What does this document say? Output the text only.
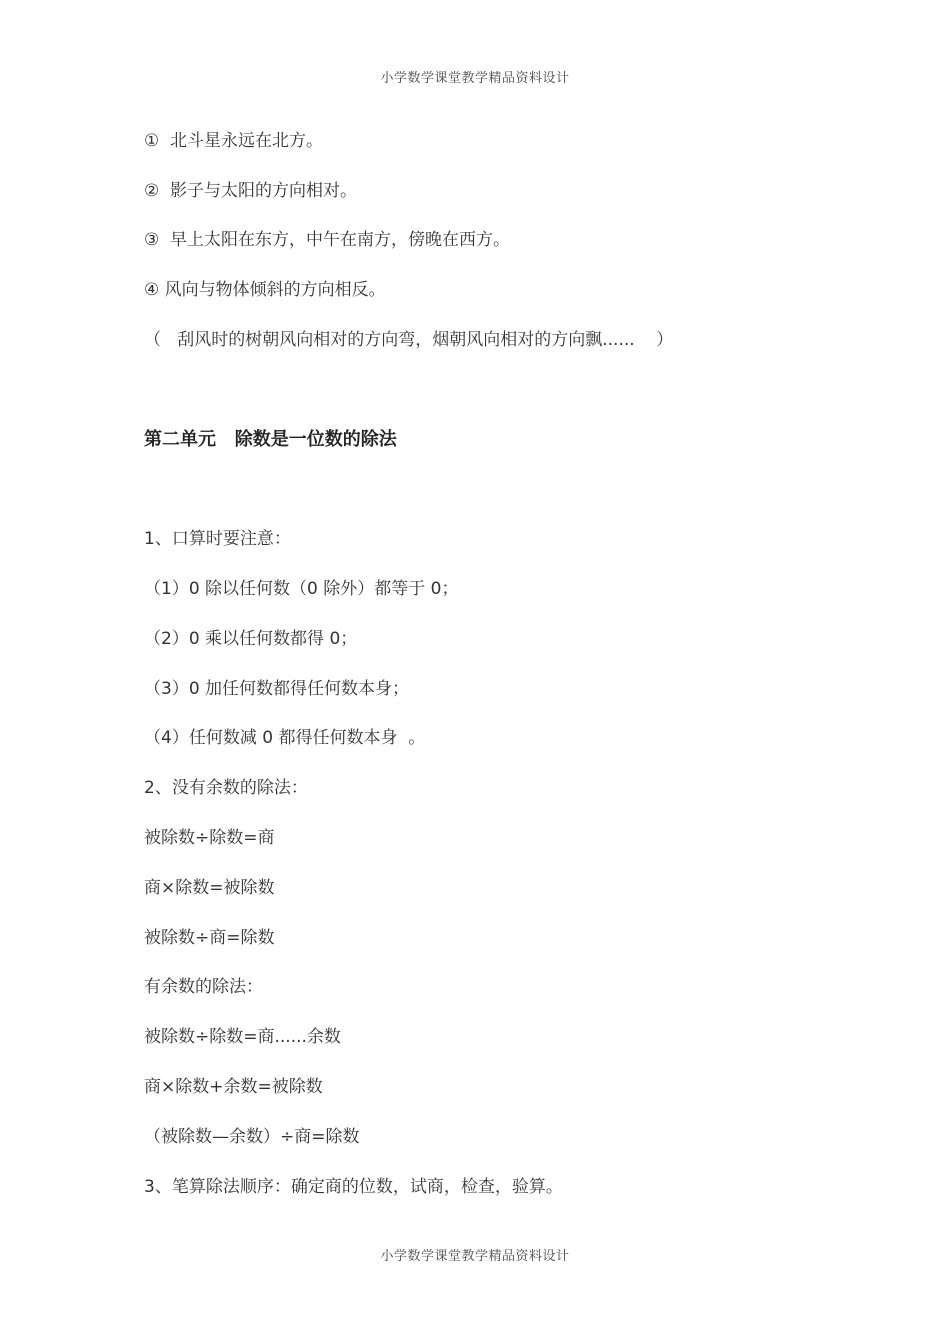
小学数学课堂教学精品资料设计
①  北斗星永远在北方。
②  影子与太阳的方向相对。
③  早上太阳在东方，中午在南方，傍晚在西方。
④ 风向与物体倾斜的方向相反。
（   刮风时的树朝风向相对的方向弯，烟朝风向相对的方向飘......    ）
第二单元   除数是一位数的除法
1、口算时要注意：
（1）0 除以任何数（0 除外）都等于 0；
（2）0 乘以任何数都得 0；
（3）0 加任何数都得任何数本身；
（4）任何数减 0 都得任何数本身  。
2、没有余数的除法：
被除数÷除数=商
商×除数=被除数
被除数÷商=除数
有余数的除法：
被除数÷除数=商......余数
商×除数+余数=被除数
（被除数—余数）÷商=除数
3、笔算除法顺序：确定商的位数，试商，检查，验算。
小学数学课堂教学精品资料设计
